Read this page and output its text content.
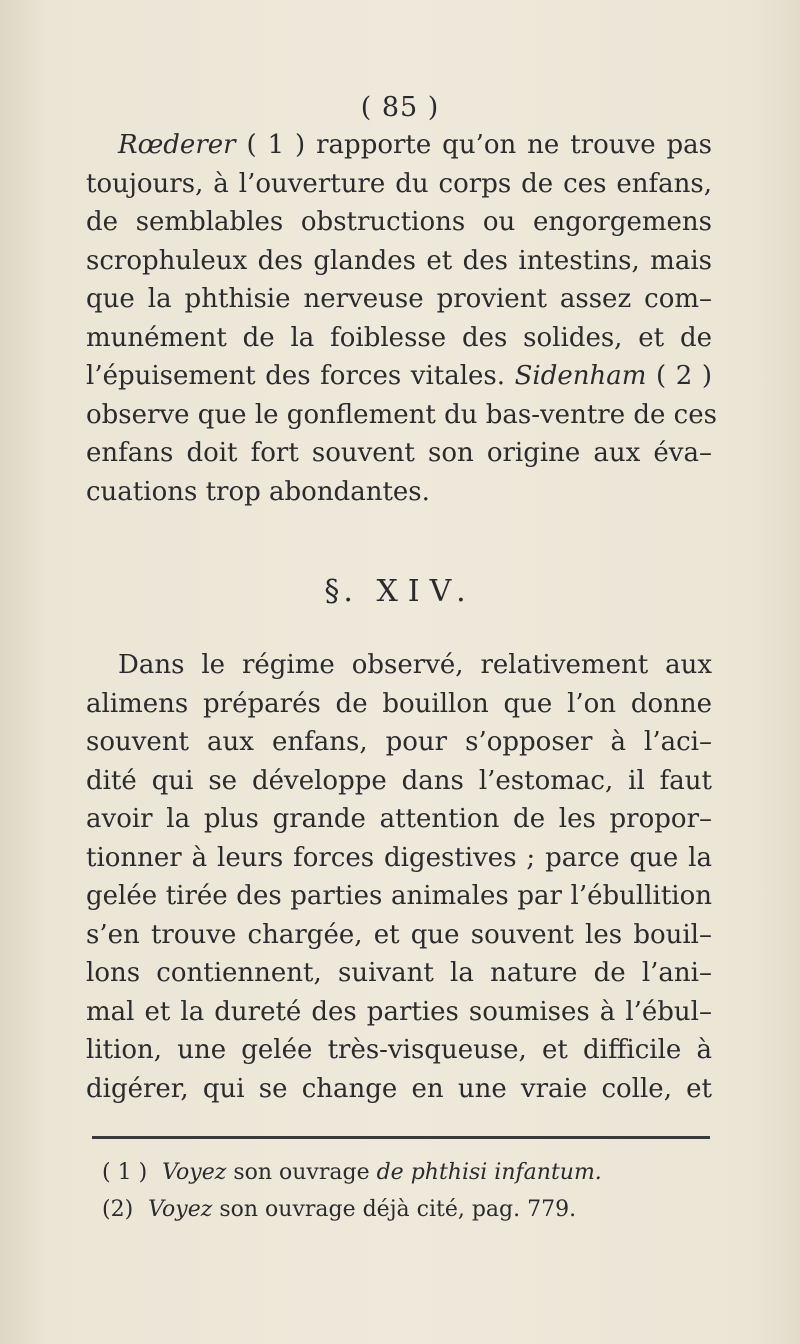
( 85 )
Rœderer ( 1 ) rapporte qu’on ne trouve pas
toujours, à l’ouverture du corps de ces enfans,
de semblables obstructions ou engorgemens
scrophuleux des glandes et des intestins, mais
que la phthisie nerveuse provient assez com–
munément de la foiblesse des solides, et de
l’épuisement des forces vitales. Sidenham ( 2 )
observe que le gonflement du bas-ventre de ces
enfans doit fort souvent son origine aux éva–
cuations trop abondantes.
§. XIV.
Dans le régime observé, relativement aux
alimens préparés de bouillon que l’on donne
souvent aux enfans, pour s’opposer à l’aci–
dité qui se développe dans l’estomac, il faut
avoir la plus grande attention de les propor–
tionner à leurs forces digestives ; parce que la
gelée tirée des parties animales par l’ébullition
s’en trouve chargée, et que souvent les bouil–
lons contiennent, suivant la nature de l’ani–
mal et la dureté des parties soumises à l’ébul–
lition, une gelée très-visqueuse, et difficile à
digérer, qui se change en une vraie colle, et
( 1 ) Voyez son ouvrage de phthisi infantum.
(2) Voyez son ouvrage déjà cité, pag. 779.
